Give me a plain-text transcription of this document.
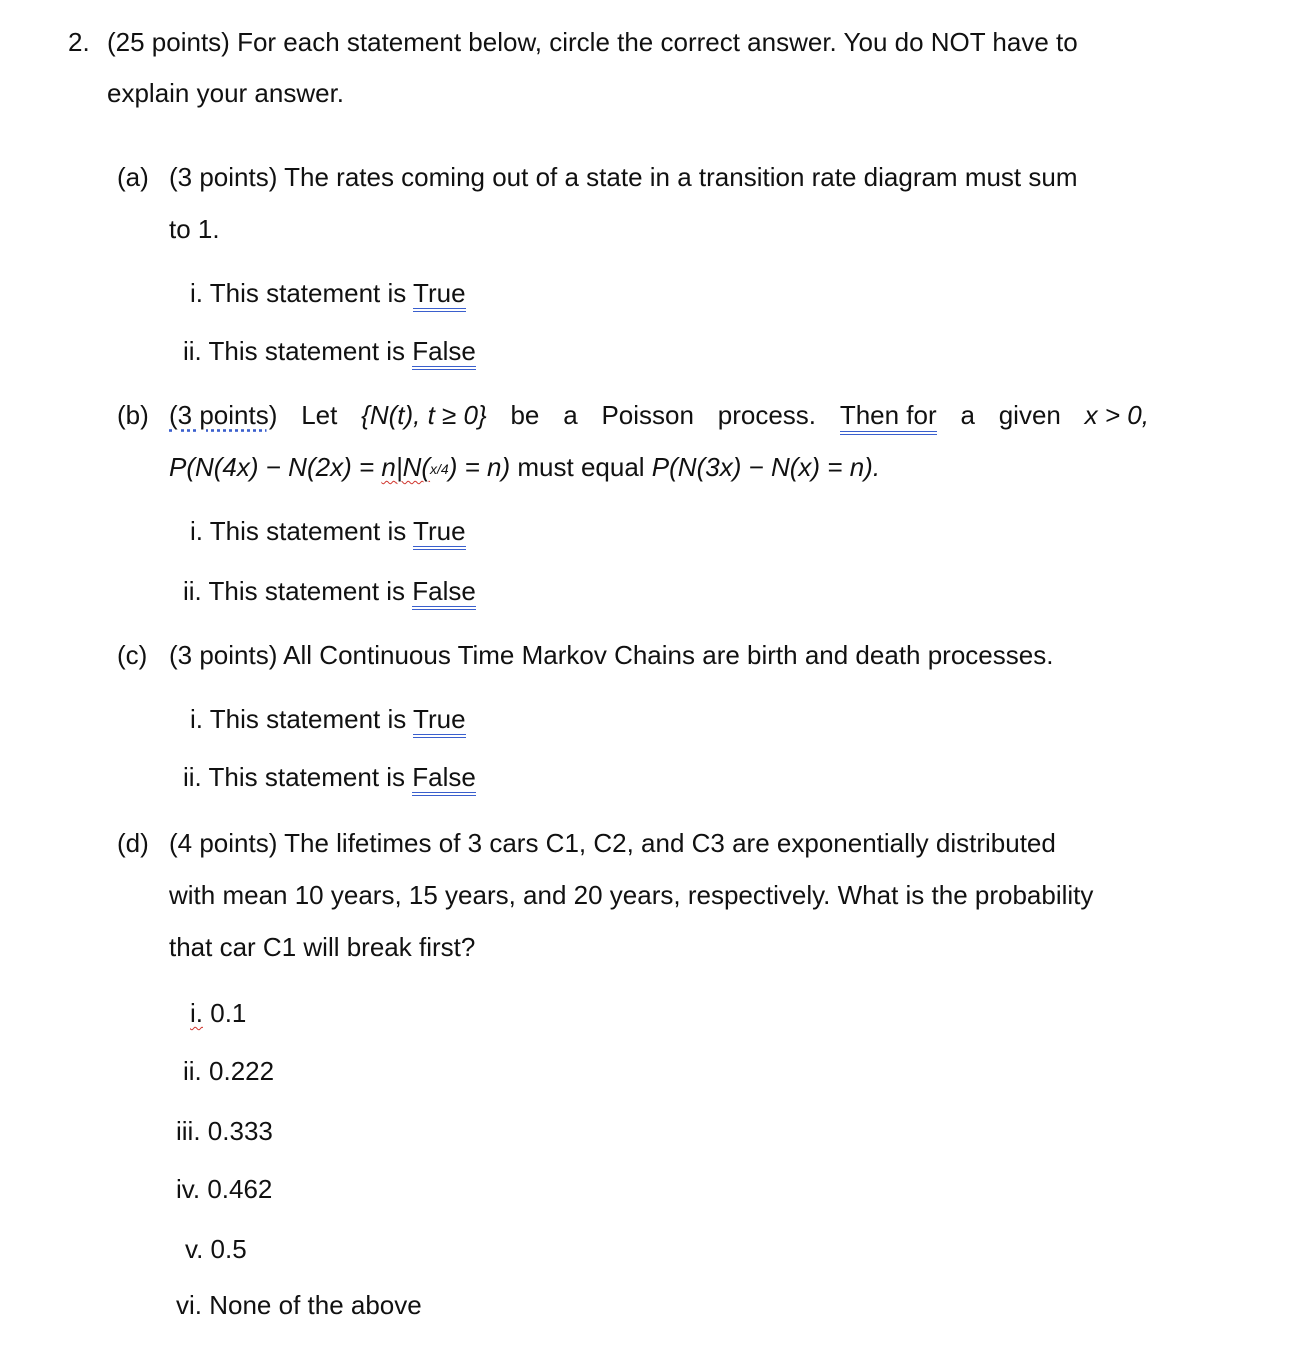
2. (25 points) For each statement below, circle the correct answer. You do NOT have to
explain your answer.
(a) (3 points) The rates coming out of a state in a transition rate diagram must sum
to 1.
i. This statement is True
ii. This statement is False
(b) (3 points) Let {N(t), t ≥ 0} be a Poisson process. Then for a given x > 0,
P(N(4x) − N(2x) = n|N(x/4) = n) must equal P(N(3x) − N(x) = n).
i. This statement is True
ii. This statement is False
(c) (3 points) All Continuous Time Markov Chains are birth and death processes.
i. This statement is True
ii. This statement is False
(d) (4 points) The lifetimes of 3 cars C1, C2, and C3 are exponentially distributed
with mean 10 years, 15 years, and 20 years, respectively. What is the probability
that car C1 will break first?
i. 0.1
ii. 0.222
iii. 0.333
iv. 0.462
v. 0.5
vi. None of the above
